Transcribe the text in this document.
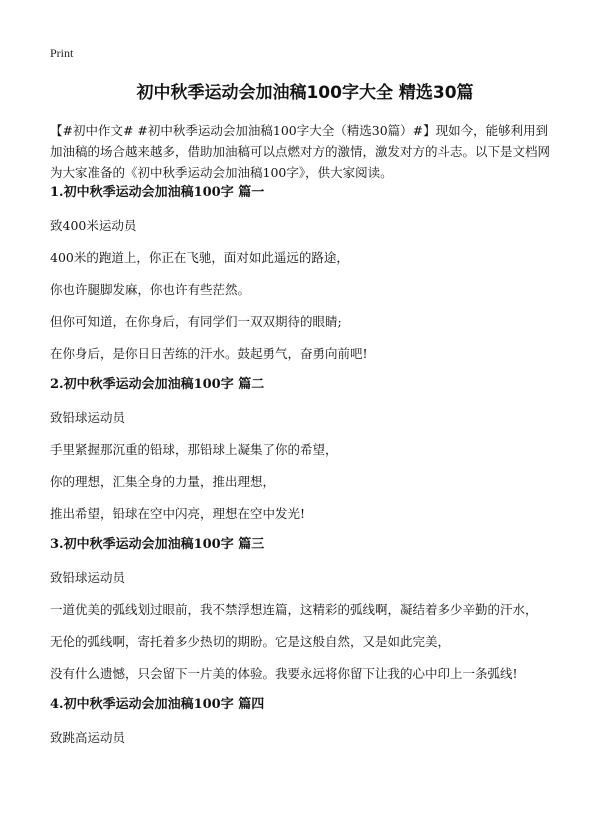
Print
初中秋季运动会加油稿100字大全 精选30篇
【#初中作文# #初中秋季运动会加油稿100字大全（精选30篇）#】现如今，能够利用到加油稿的场合越来越多，借助加油稿可以点燃对方的激情，激发对方的斗志。以下是文档网为大家准备的《初中秋季运动会加油稿100字》，供大家阅读。
1.初中秋季运动会加油稿100字 篇一
致400米运动员
400米的跑道上，你正在飞驰，面对如此遥远的路途，
你也许腿脚发麻，你也许有些茫然。
但你可知道，在你身后，有同学们一双双期待的眼睛;
在你身后，是你日日苦练的汗水。鼓起勇气，奋勇向前吧!
2.初中秋季运动会加油稿100字 篇二
致铅球运动员
手里紧握那沉重的铅球，那铅球上凝集了你的希望，
你的理想，汇集全身的力量，推出理想，
推出希望，铅球在空中闪亮，理想在空中发光!
3.初中秋季运动会加油稿100字 篇三
致铅球运动员
一道优美的弧线划过眼前，我不禁浮想连篇，这精彩的弧线啊，凝结着多少辛勤的汗水，
无伦的弧线啊，寄托着多少热切的期盼。它是这般自然，又是如此完美，
没有什么遗憾，只会留下一片美的体验。我要永远将你留下让我的心中印上一条弧线!
4.初中秋季运动会加油稿100字 篇四
致跳高运动员
